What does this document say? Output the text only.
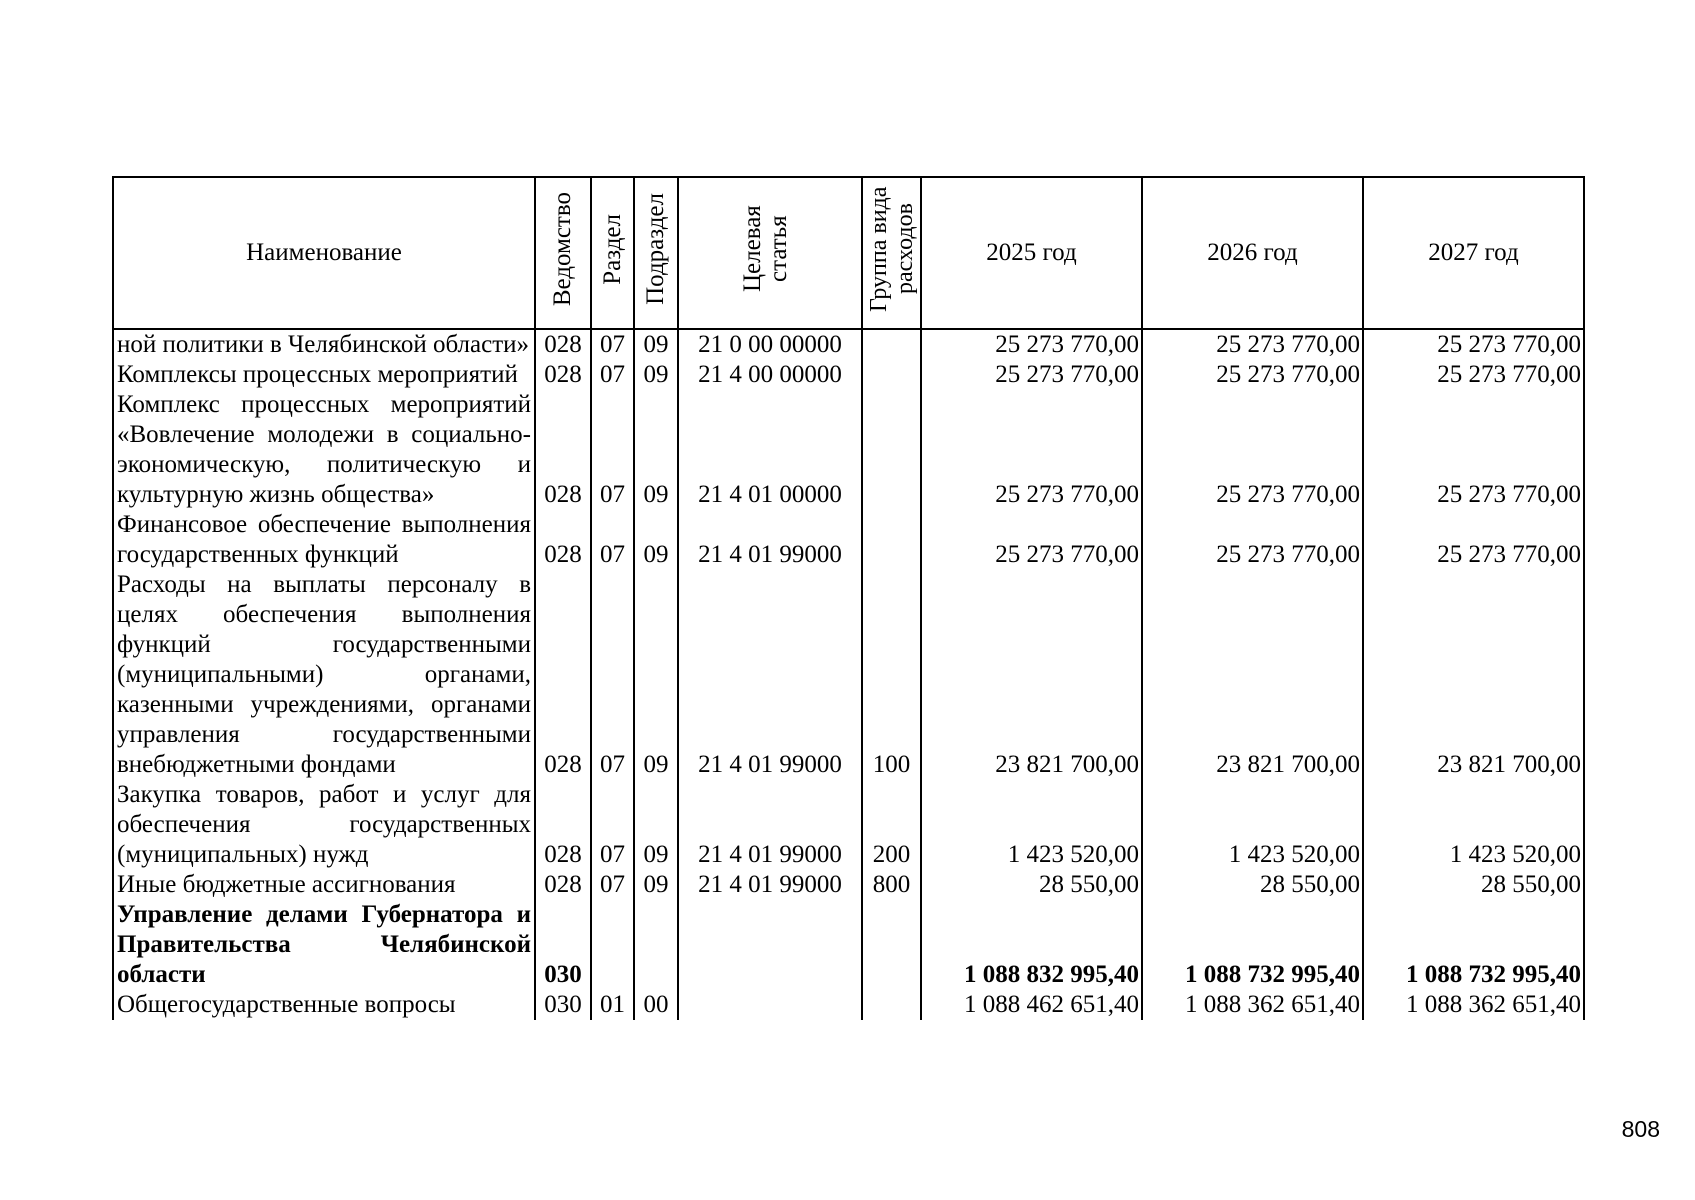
Наименование	Ведомство	Раздел	Подраздел	Целевая статья	Группа вида расходов	2025 год	2026 год	2027 год
ной политики в Челябинской области»	028	07	09	21 0 00 00000		25 273 770,00	25 273 770,00	25 273 770,00
Комплексы процессных мероприятий	028	07	09	21 4 00 00000		25 273 770,00	25 273 770,00	25 273 770,00
Комплекс процессных мероприятий «Вовлечение молодежи в социально-экономическую, политическую и культурную жизнь общества»	028	07	09	21 4 01 00000		25 273 770,00	25 273 770,00	25 273 770,00
Финансовое обеспечение выполнения государственных функций	028	07	09	21 4 01 99000		25 273 770,00	25 273 770,00	25 273 770,00
Расходы на выплаты персоналу в целях обеспечения выполнения функций государственными (муниципальными) органами, казенными учреждениями, органами управления государственными внебюджетными фондами	028	07	09	21 4 01 99000	100	23 821 700,00	23 821 700,00	23 821 700,00
Закупка товаров, работ и услуг для обеспечения государственных (муниципальных) нужд	028	07	09	21 4 01 99000	200	1 423 520,00	1 423 520,00	1 423 520,00
Иные бюджетные ассигнования	028	07	09	21 4 01 99000	800	28 550,00	28 550,00	28 550,00
Управление делами Губернатора и Правительства Челябинской области	030					1 088 832 995,40	1 088 732 995,40	1 088 732 995,40
Общегосударственные вопросы	030	01	00			1 088 462 651,40	1 088 362 651,40	1 088 362 651,40
808
